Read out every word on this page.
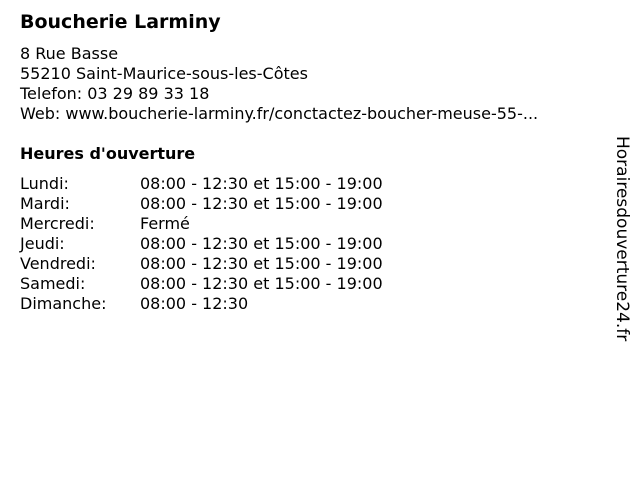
Boucherie Larminy
8 Rue Basse
55210 Saint-Maurice-sous-les-Côtes
Telefon: 03 29 89 33 18
Web: www.boucherie-larminy.fr/conctactez-boucher-meuse-55-...
Heures d'ouverture
Lundi:	08:00 - 12:30 et 15:00 - 19:00
Mardi:	08:00 - 12:30 et 15:00 - 19:00
Mercredi:	Fermé
Jeudi:	08:00 - 12:30 et 15:00 - 19:00
Vendredi:	08:00 - 12:30 et 15:00 - 19:00
Samedi:	08:00 - 12:30 et 15:00 - 19:00
Dimanche:	08:00 - 12:30	Horairesdouverture24.fr
